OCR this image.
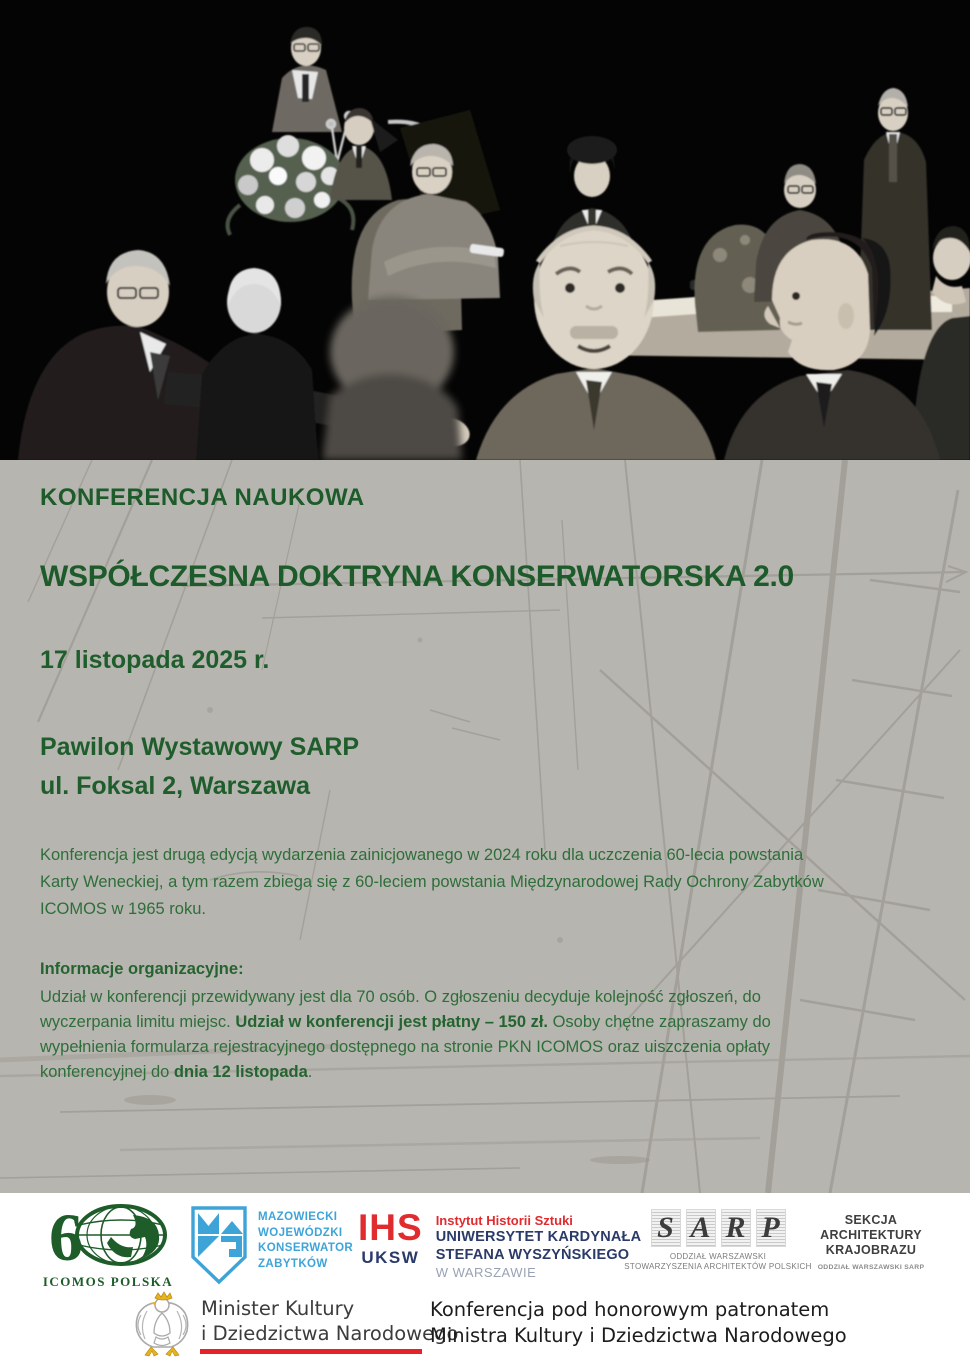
KONFERENCJA NAUKOWA
WSPÓŁCZESNA DOKTRYNA KONSERWATORSKA 2.0
17 listopada 2025 r.
Pawilon Wystawowy SARP
ul. Foksal 2, Warszawa

Konferencja jest drugą edycją wydarzenia zainicjowanego w 2024 roku dla uczczenia 60-lecia powstania Karty Weneckiej, a tym razem zbiega się z 60-leciem powstania Międzynarodowej Rady Ochrony Zabytków ICOMOS w 1965 roku.

Informacje organizacyjne:

Udział w konferencji przewidywany jest dla 70 osób. O zgłoszeniu decyduje kolejność zgłoszeń, do wyczerpania limitu miejsc. Udział w konferencji jest płatny – 150 zł. Osoby chętne zapraszamy do wypełnienia formularza rejestracyjnego dostępnego na stronie PKN ICOMOS oraz uiszczenia opłaty konferencyjnej do dnia 12 listopada.

6
ICOMOS POLSKA
MAZOWIECKI
WOJEWÓDZKI
KONSERWATOR
ZABYTKÓW
IHS
UKSW
Instytut Historii Sztuki
UNIWERSYTET KARDYNAŁA
STEFANA WYSZYŃSKIEGO
W WARSZAWIE
S A R P
ODDZIAŁ WARSZAWSKI
STOWARZYSZENIA ARCHITEKTÓW POLSKICH
SEKCJA
ARCHITEKTURY
KRAJOBRAZU
ODDZIAŁ WARSZAWSKI SARP
Minister Kultury
i Dziedzictwa Narodowego
Konferencja pod honorowym patronatem
Ministra Kultury i Dziedzictwa Narodowego
